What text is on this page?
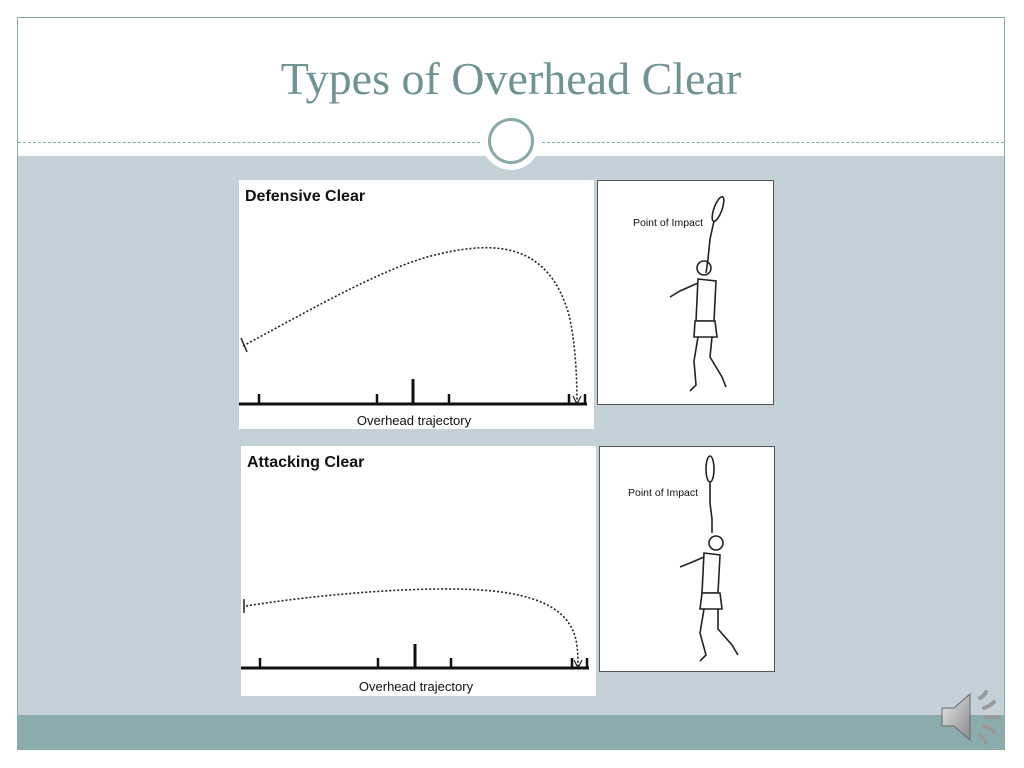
Types of Overhead Clear
Defensive Clear
Overhead trajectory
Point of Impact
Attacking Clear
Overhead trajectory
Point of Impact
